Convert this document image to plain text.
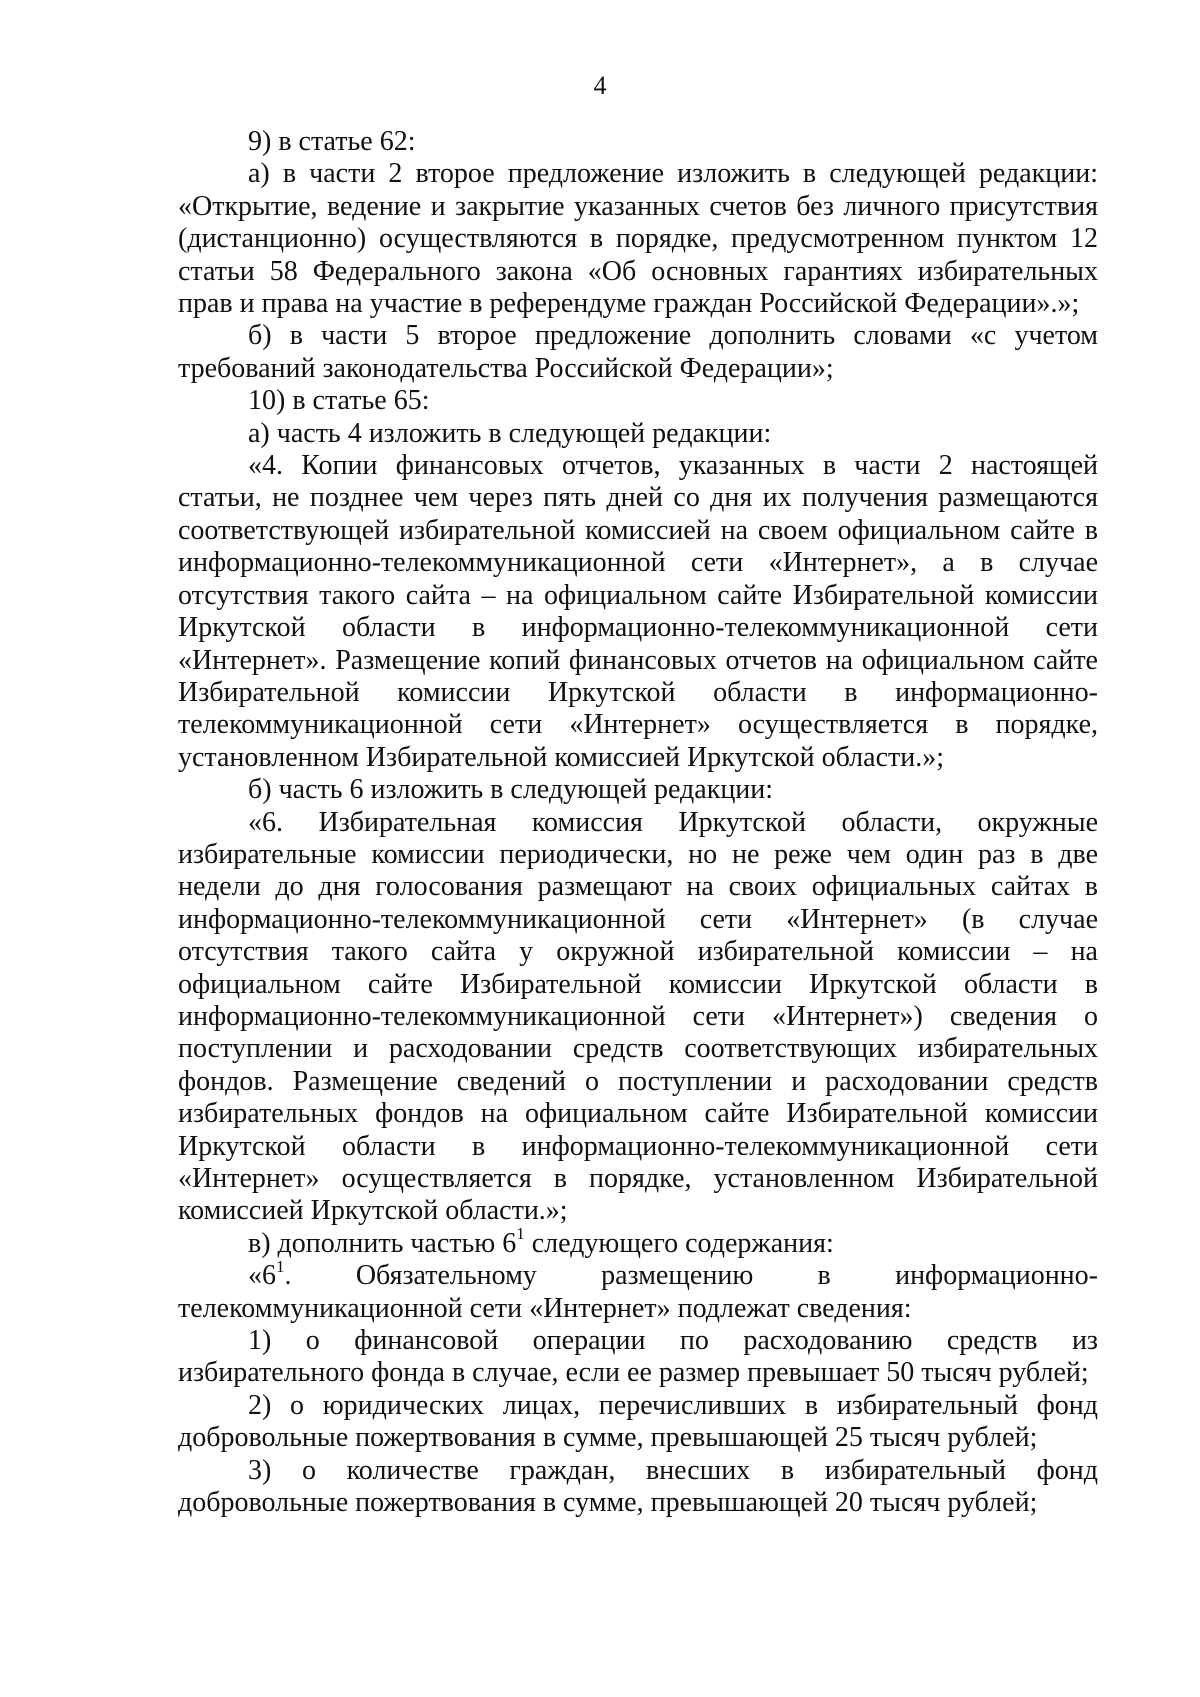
4

9) в статье 62:

а) в части 2 второе предложение изложить в следующей редакции: «Открытие, ведение и закрытие указанных счетов без личного присутствия (дистанционно) осуществляются в порядке, предусмотренном пунктом 12 статьи 58 Федерального закона «Об основных гарантиях избирательных прав и права на участие в референдуме граждан Российской Федерации».»;

б) в части 5 второе предложение дополнить словами «с учетом требований законодательства Российской Федерации»;

10) в статье 65:

а) часть 4 изложить в следующей редакции:

«4. Копии финансовых отчетов, указанных в части 2 настоящей статьи, не позднее чем через пять дней со дня их получения размещаются соответствующей избирательной комиссией на своем официальном сайте в информационно-телекоммуникационной сети «Интернет», а в случае отсутствия такого сайта – на официальном сайте Избирательной комиссии Иркутской области в информационно-телекоммуникационной сети «Интернет». Размещение копий финансовых отчетов на официальном сайте Избирательной комиссии Иркутской области в информационно-телекоммуникационной сети «Интернет» осуществляется в порядке, установленном Избирательной комиссией Иркутской области.»;

б) часть 6 изложить в следующей редакции:

«6. Избирательная комиссия Иркутской области, окружные избирательные комиссии периодически, но не реже чем один раз в две недели до дня голосования размещают на своих официальных сайтах в информационно-телекоммуникационной сети «Интернет» (в случае отсутствия такого сайта у окружной избирательной комиссии – на официальном сайте Избирательной комиссии Иркутской области в информационно-телекоммуникационной сети «Интернет») сведения о поступлении и расходовании средств соответствующих избирательных фондов. Размещение сведений о поступлении и расходовании средств избирательных фондов на официальном сайте Избирательной комиссии Иркутской области в информационно-телекоммуникационной сети «Интернет» осуществляется в порядке, установленном Избирательной комиссией Иркутской области.»;

в) дополнить частью $6^1$ следующего содержания:

«$6^1$. Обязательному размещению в информационно-телекоммуникационной сети «Интернет» подлежат сведения:

1) о финансовой операции по расходованию средств из избирательного фонда в случае, если ее размер превышает 50 тысяч рублей;

2) о юридических лицах, перечисливших в избирательный фонд добровольные пожертвования в сумме, превышающей 25 тысяч рублей;

3) о количестве граждан, внесших в избирательный фонд добровольные пожертвования в сумме, превышающей 20 тысяч рублей;
